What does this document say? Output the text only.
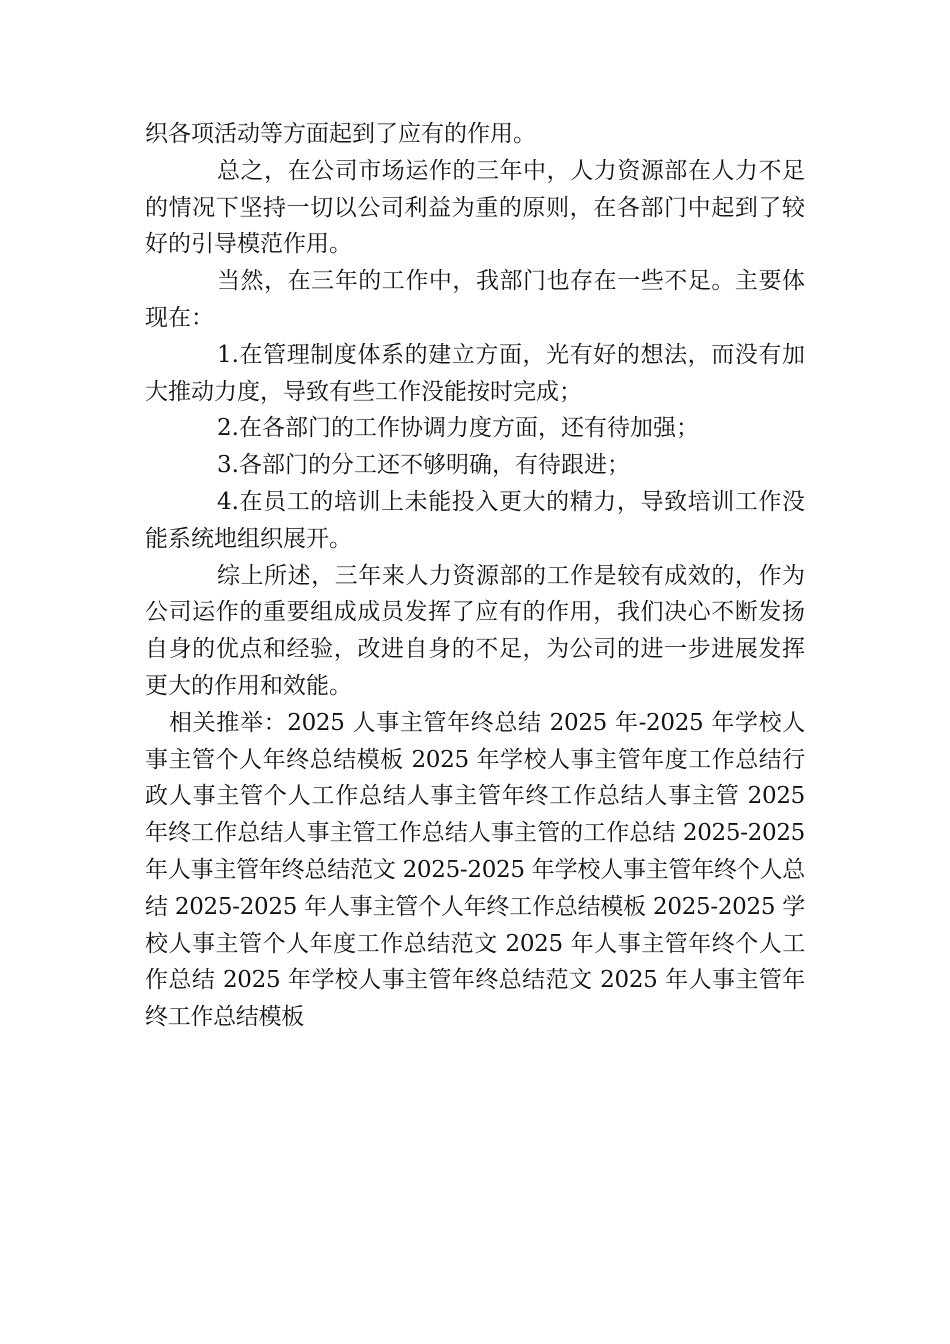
织各项活动等方面起到了应有的作用。

总之，在公司市场运作的三年中，人力资源部在人力不足的情况下坚持一切以公司利益为重的原则，在各部门中起到了较好的引导模范作用。

当然，在三年的工作中，我部门也存在一些不足。主要体现在：

1.在管理制度体系的建立方面，光有好的想法，而没有加大推动力度，导致有些工作没能按时完成；

2.在各部门的工作协调力度方面，还有待加强；

3.各部门的分工还不够明确，有待跟进；

4.在员工的培训上未能投入更大的精力，导致培训工作没能系统地组织展开。

综上所述，三年来人力资源部的工作是较有成效的，作为公司运作的重要组成成员发挥了应有的作用，我们决心不断发扬自身的优点和经验，改进自身的不足，为公司的进一步进展发挥更大的作用和效能。

相关推举：2025 人事主管年终总结 2025 年-2025 年学校人事主管个人年终总结模板 2025 年学校人事主管年度工作总结行政人事主管个人工作总结人事主管年终工作总结人事主管 2025 年终工作总结人事主管工作总结人事主管的工作总结 2025-2025 年人事主管年终总结范文 2025-2025 年学校人事主管年终个人总结 2025-2025 年人事主管个人年终工作总结模板 2025-2025 学校人事主管个人年度工作总结范文 2025 年人事主管年终个人工作总结 2025 年学校人事主管年终总结范文 2025 年人事主管年终工作总结模板
